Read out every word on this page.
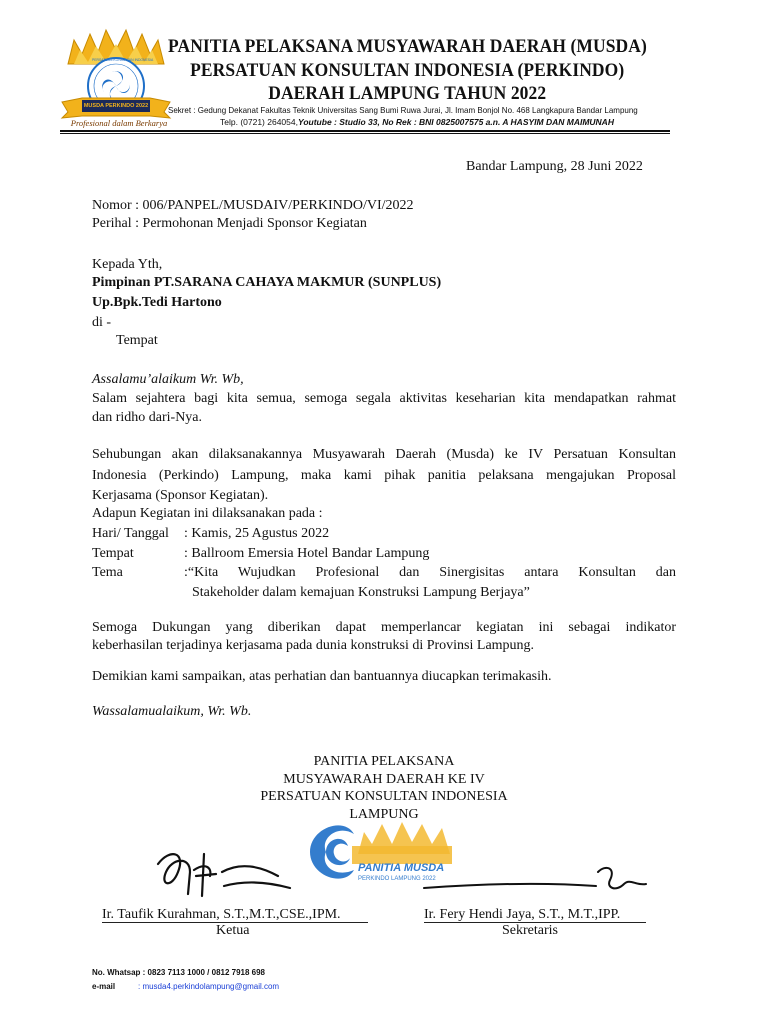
MUSDA PERKINDO 2022
PERSATUAN KONSULTAN INDONESIA
Profesional dalam Berkarya
PANITIA PELAKSANA MUSYAWARAH DAERAH (MUSDA)
PERSATUAN KONSULTAN INDONESIA (PERKINDO)
DAERAH LAMPUNG TAHUN 2022
Sekret : Gedung Dekanat Fakultas Teknik Universitas Sang Bumi Ruwa Jurai, Jl. Imam Bonjol No. 468 Langkapura Bandar Lampung
Telp. (0721) 264054,Youtube : Studio 33, No Rek : BNI 0825007575 a.n. A HASYIM DAN MAIMUNAH
Bandar Lampung, 28 Juni 2022
Nomor : 006/PANPEL/MUSDAIV/PERKINDO/VI/2022
Perihal : Permohonan Menjadi Sponsor Kegiatan
Kepada Yth,
Pimpinan PT.SARANA CAHAYA MAKMUR (SUNPLUS)
Up.Bpk.Tedi Hartono
di -
Tempat
Assalamu’alaikum Wr. Wb,
Salam sejahtera bagi kita semua, semoga segala aktivitas keseharian kita mendapatkan rahmat
dan ridho dari-Nya.
Sehubungan akan dilaksanakannya Musyawarah Daerah (Musda) ke IV Persatuan Konsultan
Indonesia (Perkindo) Lampung, maka kami pihak panitia pelaksana mengajukan Proposal
Kerjasama (Sponsor Kegiatan).
Adapun Kegiatan ini dilaksanakan pada :
Hari/ Tanggal : Kamis, 25 Agustus 2022
Tempat	: Ballroom Emersia Hotel Bandar Lampung
Tema	:“Kita Wujudkan Profesional dan Sinergisitas antara Konsultan dan
Stakeholder dalam kemajuan Konstruksi Lampung Berjaya”
Semoga Dukungan yang diberikan dapat memperlancar kegiatan ini sebagai indikator
keberhasilan terjadinya kerjasama pada dunia konstruksi di Provinsi Lampung.
Demikian kami sampaikan, atas perhatian dan bantuannya diucapkan terimakasih.
Wassalamualaikum, Wr. Wb.
PANITIA PELAKSANA
MUSYAWARAH DAERAH KE IV
PERSATUAN KONSULTAN INDONESIA
LAMPUNG
PANITIA MUSDA
PERKINDO LAMPUNG 2022
Ir. Taufik Kurahman, S.T.,M.T.,CSE.,IPM.
Ketua
Ir. Fery Hendi Jaya, S.T., M.T.,IPP.
Sekretaris
No. Whatsap : 0823 7113 1000 / 0812 7918 698
e-mail	: musda4.perkindolampung@gmail.com
